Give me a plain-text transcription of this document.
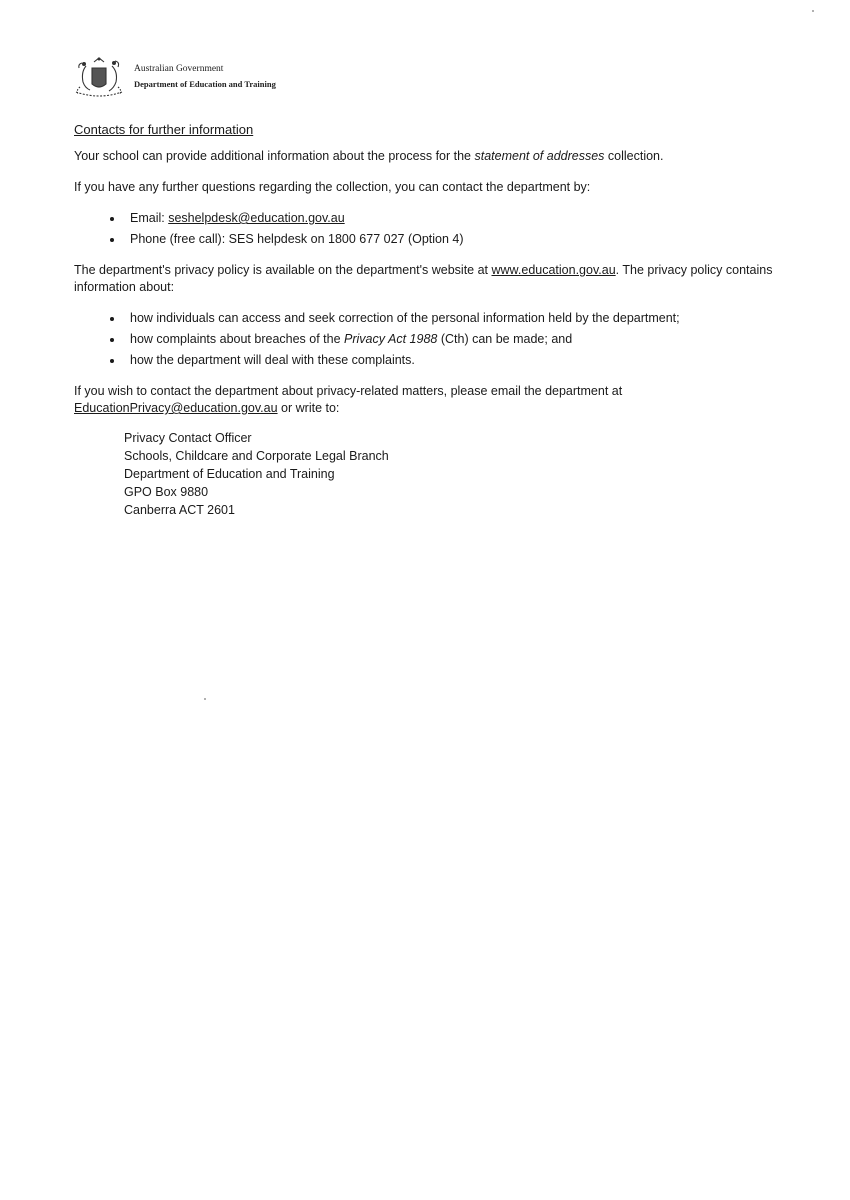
Australian Government
Department of Education and Training
Contacts for further information

Your school can provide additional information about the process for the statement of addresses collection.

If you have any further questions regarding the collection, you can contact the department by:

• Email: seshelpdesk@education.gov.au
• Phone (free call): SES helpdesk on 1800 677 027 (Option 4)

The department's privacy policy is available on the department's website at www.education.gov.au. The privacy policy contains information about:

• how individuals can access and seek correction of the personal information held by the department;
• how complaints about breaches of the Privacy Act 1988 (Cth) can be made; and
• how the department will deal with these complaints.

If you wish to contact the department about privacy-related matters, please email the department at EducationPrivacy@education.gov.au or write to:

Privacy Contact Officer
Schools, Childcare and Corporate Legal Branch
Department of Education and Training
GPO Box 9880
Canberra ACT 2601
